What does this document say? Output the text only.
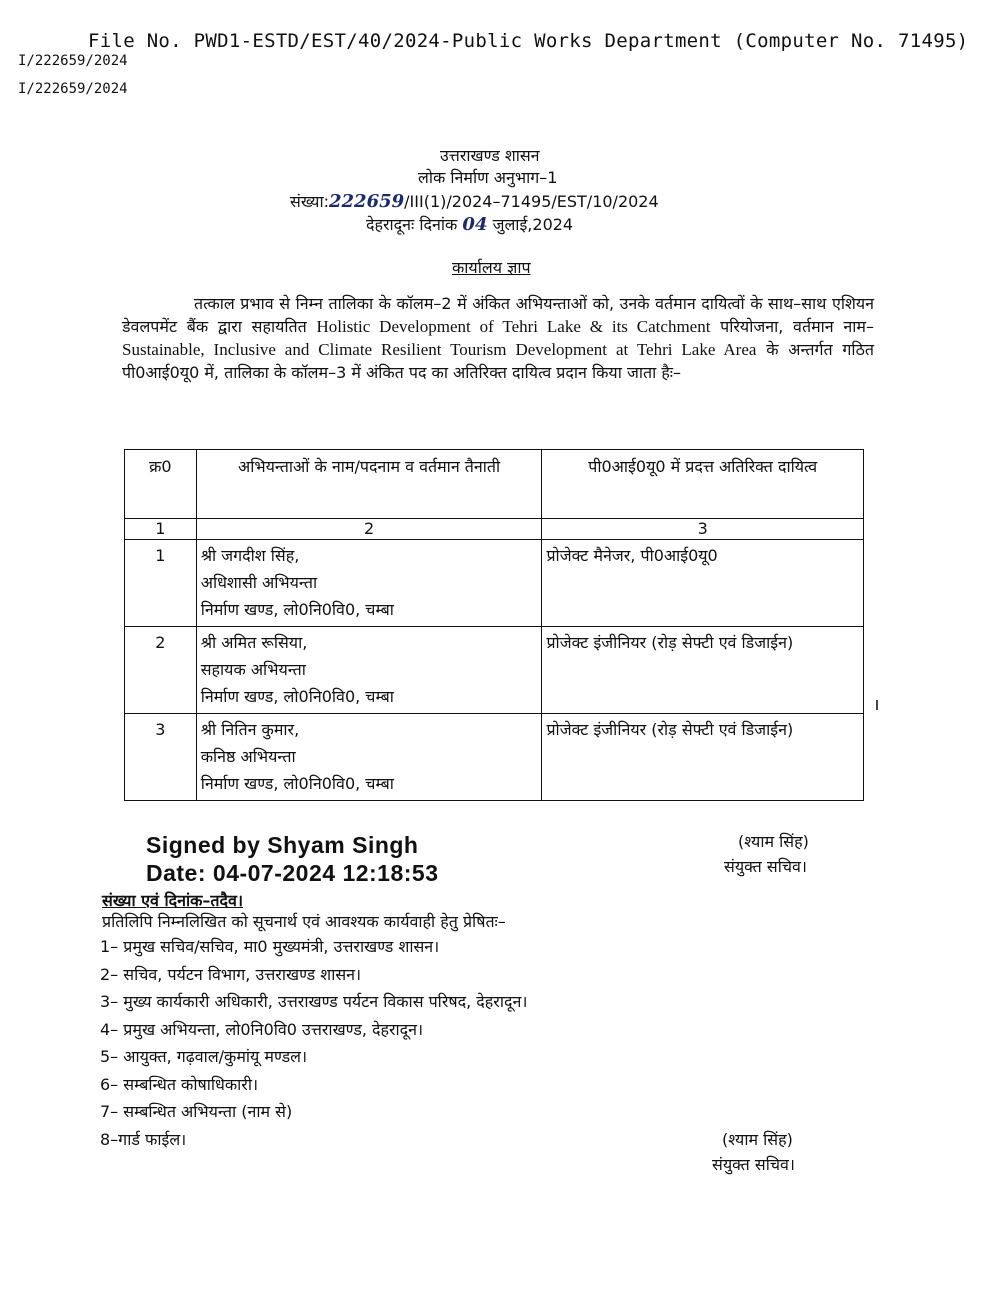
File No. PWD1-ESTD/EST/40/2024-Public Works Department (Computer No. 71495)
I/222659/2024
I/222659/2024
उत्तराखण्ड शासन
लोक निर्माण अनुभाग–1
संख्या:222659/III(1)/2024–71495/EST/10/2024
देहरादूनः दिनांक 04 जुलाई,2024
कार्यालय ज्ञाप
तत्काल प्रभाव से निम्न तालिका के कॉलम–2 में अंकित अभियन्ताओं को, उनके वर्तमान दायित्वों के साथ–साथ एशियन डेवलपमेंट बैंक द्वारा सहायतित Holistic Development of Tehri Lake & its Catchment परियोजना, वर्तमान नाम– Sustainable, Inclusive and Climate Resilient Tourism Development at Tehri Lake Area के अन्तर्गत गठित पी0आई0यू0 में, तालिका के कॉलम–3 में अंकित पद का अतिरिक्त दायित्व प्रदान किया जाता हैः–
क्र0	अभियन्ताओं के नाम/पदनाम व वर्तमान तैनाती	पी0आई0यू0 में प्रदत्त अतिरिक्त दायित्व
1	2	3
1	श्री जगदीश सिंह,
अधिशासी अभियन्ता
निर्माण खण्ड, लो0नि0वि0, चम्बा	प्रोजेक्ट मैनेजर, पी0आई0यू0
2	श्री अमित रूसिया,
सहायक अभियन्ता
निर्माण खण्ड, लो0नि0वि0, चम्बा	प्रोजेक्ट इंजीनियर (रोड़ सेफ्टी एवं डिजाईन)
3	श्री नितिन कुमार,
कनिष्ठ अभियन्ता
निर्माण खण्ड, लो0नि0वि0, चम्बा	प्रोजेक्ट इंजीनियर (रोड़ सेफ्टी एवं डिजाईन)
Signed by Shyam Singh
Date: 04-07-2024 12:18:53
(श्याम सिंह)
संयुक्त सचिव।
संख्या एवं दिनांक–तदैव।
प्रतिलिपि निम्नलिखित को सूचनार्थ एवं आवश्यक कार्यवाही हेतु प्रेषितः–
1– प्रमुख सचिव/सचिव, मा0 मुख्यमंत्री, उत्तराखण्ड शासन।
2– सचिव, पर्यटन विभाग, उत्तराखण्ड शासन।
3– मुख्य कार्यकारी अधिकारी, उत्तराखण्ड पर्यटन विकास परिषद, देहरादून।
4– प्रमुख अभियन्ता, लो0नि0वि0 उत्तराखण्ड, देहरादून।
5– आयुक्त, गढ़वाल/कुमांयू मण्डल।
6– सम्बन्धित कोषाधिकारी।
7– सम्बन्धित अभियन्ता (नाम से)
8–गार्ड फाईल।	(श्याम सिंह)
संयुक्त सचिव।
